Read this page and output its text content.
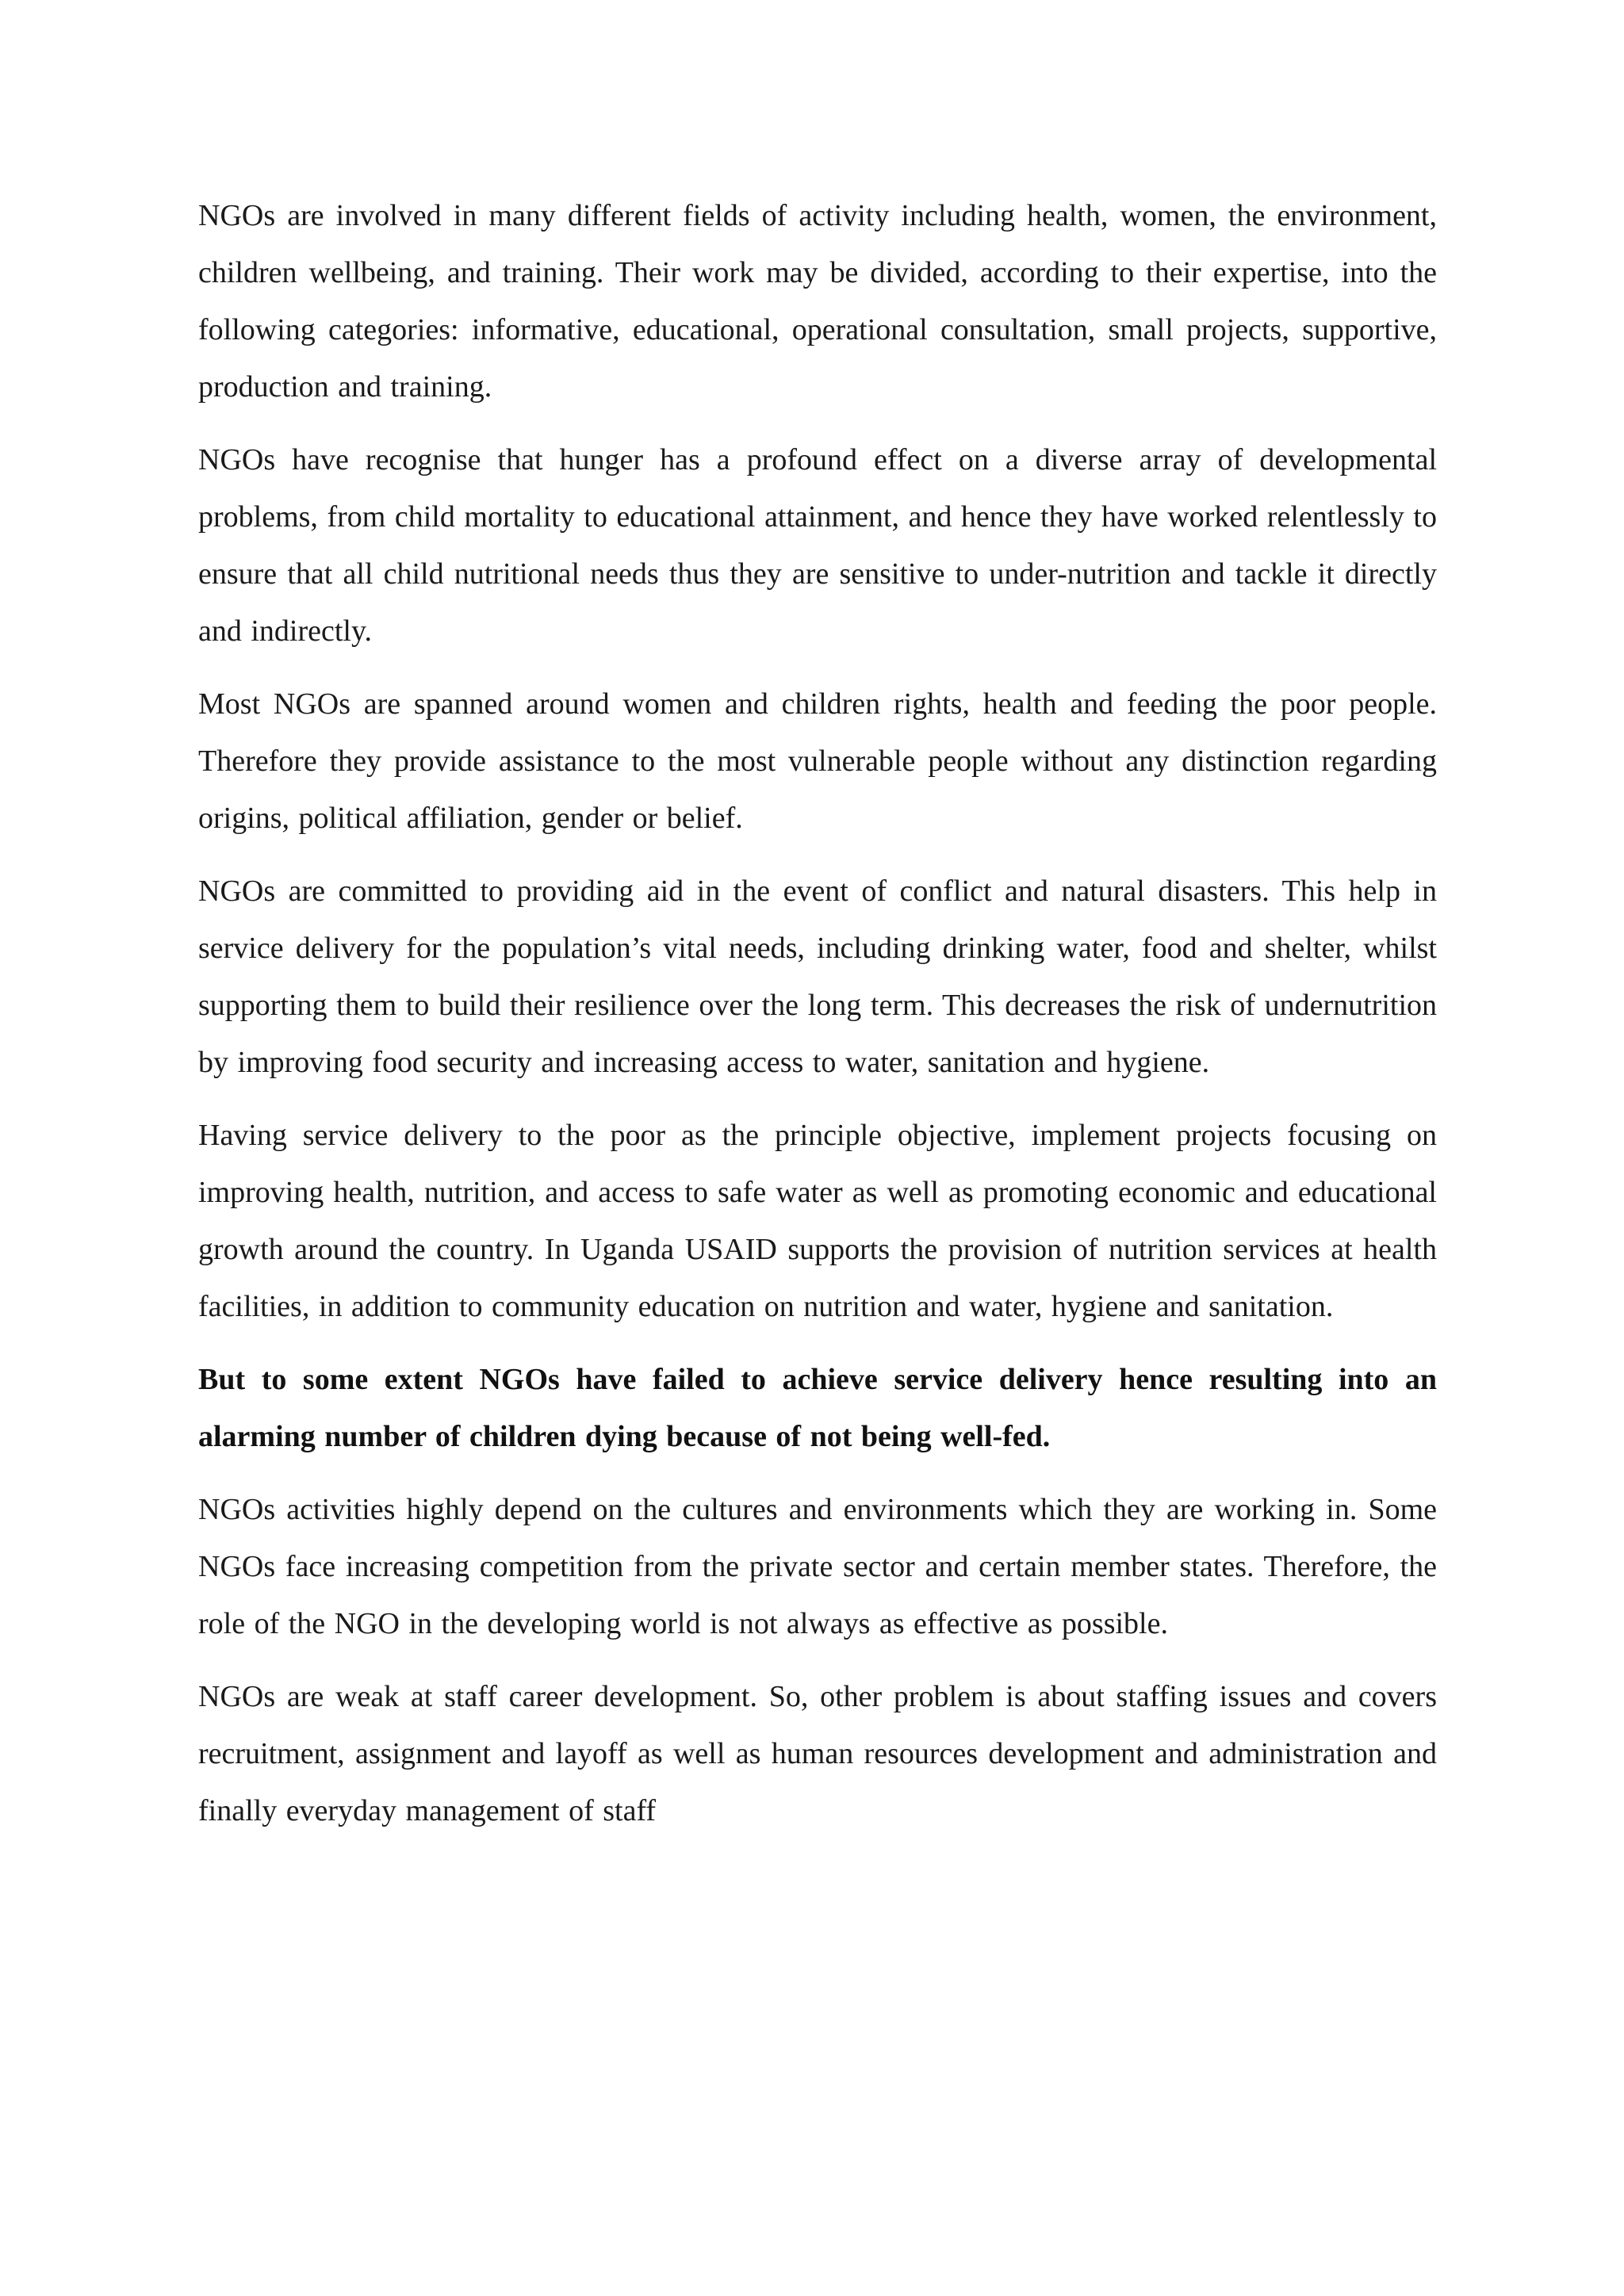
NGOs are involved in many different fields of activity including health, women, the environment, children wellbeing, and training. Their work may be divided, according to their expertise, into the following categories: informative, educational, operational consultation, small projects, supportive, production and training.

NGOs have recognise that hunger has a profound effect on a diverse array of developmental problems, from child mortality to educational attainment, and hence they have worked relentlessly to ensure that all child nutritional needs thus they are sensitive to under-nutrition and tackle it directly and indirectly.

Most NGOs are spanned around women and children rights, health and feeding the poor people. Therefore they provide assistance to the most vulnerable people without any distinction regarding origins, political affiliation, gender or belief.

NGOs are committed to providing aid in the event of conflict and natural disasters. This help in service delivery for the population’s vital needs, including drinking water, food and shelter, whilst supporting them to build their resilience over the long term. This decreases the risk of undernutrition by improving food security and increasing access to water, sanitation and hygiene.

Having service delivery to the poor as the principle objective, implement projects focusing on improving health, nutrition, and access to safe water as well as promoting economic and educational growth around the country. In Uganda USAID supports the provision of nutrition services at health facilities, in addition to community education on nutrition and water, hygiene and sanitation.

But to some extent NGOs have failed to achieve service delivery hence resulting into an alarming number of children dying because of not being well-fed.

NGOs activities highly depend on the cultures and environments which they are working in. Some NGOs face increasing competition from the private sector and certain member states. Therefore, the role of the NGO in the developing world is not always as effective as possible.

NGOs are weak at staff career development. So, other problem is about staffing issues and covers recruitment, assignment and layoff as well as human resources development and administration and finally everyday management of staff
